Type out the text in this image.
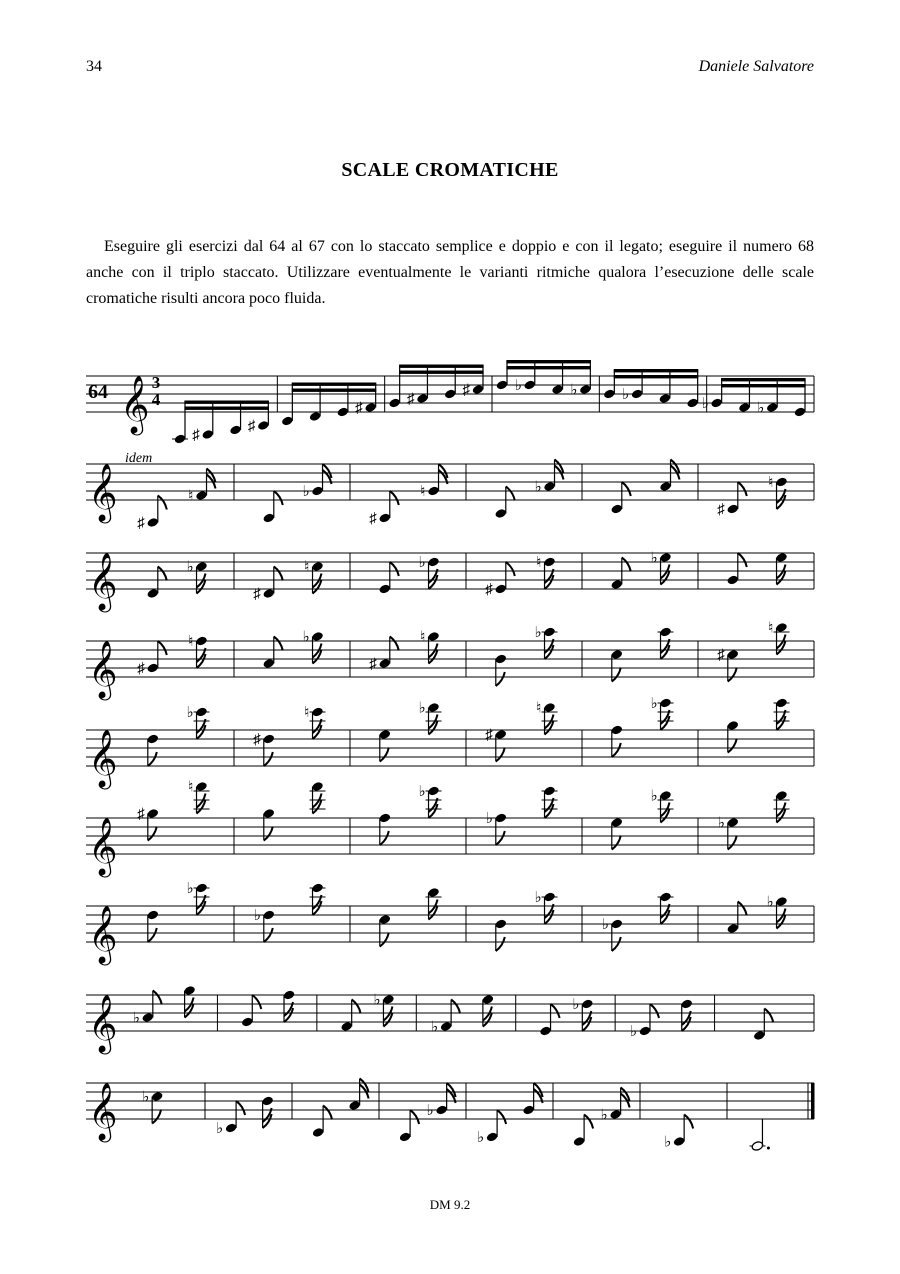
34	Daniele Salvatore
SCALE CROMATICHE
Eseguire gli esercizi dal 64 al 67 con lo staccato semplice e doppio e con il legato; eseguire il numero 68 anche con il triplo staccato. Utilizzare eventualmente le varianti ritmiche qualora l’esecuzione delle scale cromatiche risulti ancora poco fluida.
64	3
4
idem
𝄞
♯
♯
♯
♯
♯	♭	♭	♭
♭	♭
𝄞
♯
♮	♭
♯
♮	♭
♯
♮
𝄞	♭
♯
♮	♭
♯
♮	♭
𝄞 ♯
♮	♭
♯
♮	♭
♯
♮
𝄞
♭
♯
♮	♭
♯
♮	♭
𝄞
♯
♮	♭
♭
♭
♭
𝄞
♭
♭
♭
♭
♭
𝄞 ♭
♭
♭
♭
♭
𝄞 ♭
♭
♭
♭
♭
♭
DM 9.2
